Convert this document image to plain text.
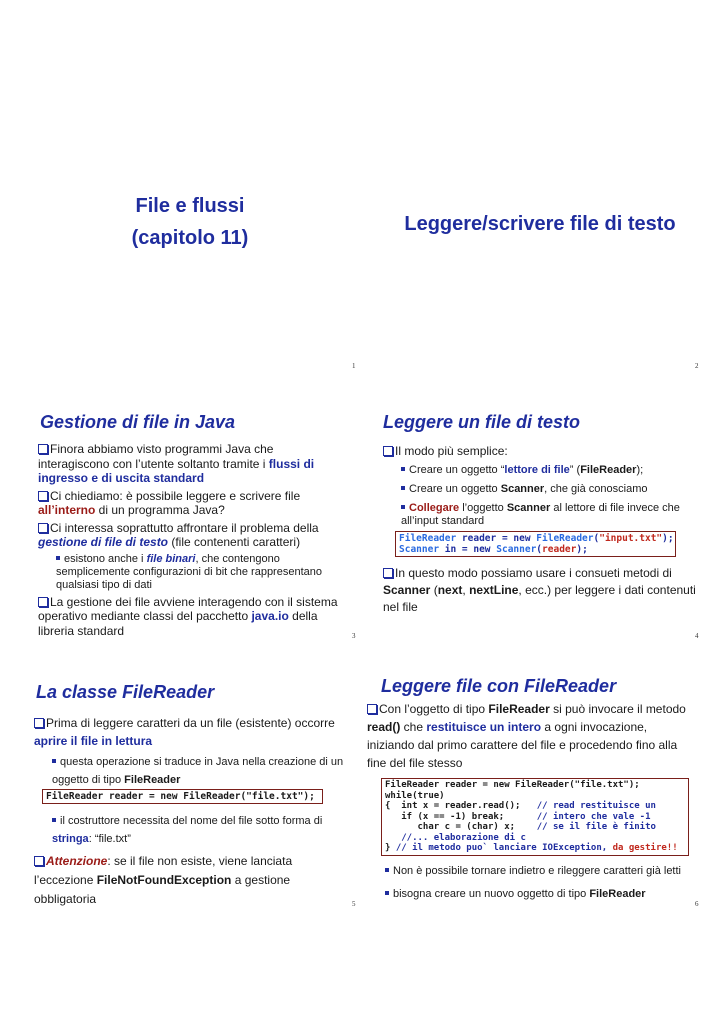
File e flussi
(capitolo 11)
1
Leggere/scrivere file di testo
2
Gestione di file in Java
Finora abbiamo visto programmi Java che interagiscono con l’utente soltanto tramite i flussi di ingresso e di uscita standard
Ci chiediamo: è possibile leggere e scrivere file all’interno di un programma Java?
Ci interessa soprattutto affrontare il problema della gestione di file di testo (file contenenti caratteri)
esistono anche i file binari, che contengono semplicemente configurazioni di bit che rappresentano qualsiasi tipo di dati
La gestione dei file avviene interagendo con il sistema operativo mediante classi del pacchetto java.io della libreria standard	3
Leggere un file di testo
Il modo più semplice:
Creare un oggetto “lettore di file” (FileReader);
Creare un oggetto Scanner, che già conosciamo
Collegare l’oggetto Scanner al lettore di file invece che all’input standard
FileReader reader = new FileReader("input.txt");
Scanner in = new Scanner(reader);
In questo modo possiamo usare i consueti metodi di Scanner (next, nextLine, ecc.) per leggere i dati contenuti nel file
4
La classe FileReader
Prima di leggere caratteri da un file (esistente) occorre aprire il file in lettura
questa operazione si traduce in Java nella creazione di un oggetto di tipo FileReader
FileReader reader = new FileReader("file.txt");
il costruttore necessita del nome del file sotto forma di stringa: “file.txt”
Attenzione: se il file non esiste, viene lanciata l’eccezione FileNotFoundException a gestione obbligatoria	5
Leggere file con FileReader
Con l’oggetto di tipo FileReader si può invocare il metodo read() che restituisce un intero a ogni invocazione, iniziando dal primo carattere del file e procedendo fino alla fine del file stesso
FileReader reader = new FileReader("file.txt");
while(true)
{  int x = reader.read();   // read restituisce un
if (x == -1) break;      // intero che vale -1
char c = (char) x;    // se il file è finito
//... elaborazione di c
} // il metodo puo` lanciare IOException, da gestire!!
Non è possibile tornare indietro e rileggere caratteri già letti
bisogna creare un nuovo oggetto di tipo FileReader
6
